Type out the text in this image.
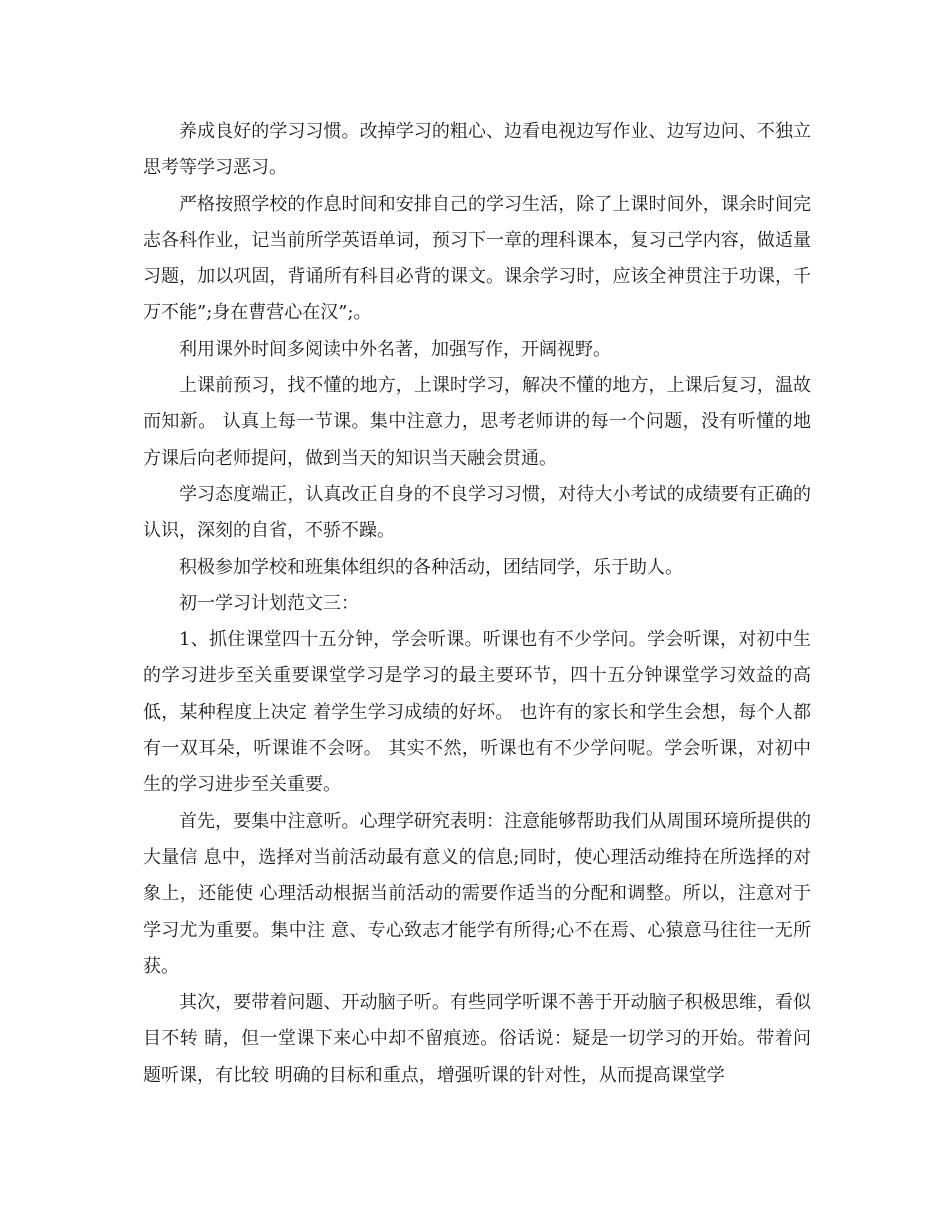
养成良好的学习习惯。改掉学习的粗心、边看电视边写作业、边写边问、不独立思考等学习恶习。

严格按照学校的作息时间和安排自己的学习生活，除了上课时间外，课余时间完志各科作业，记当前所学英语单词，预习下一章的理科课本，复习己学内容，做适量习题，加以巩固，背诵所有科目必背的课文。课余学习时，应该全神贯注于功课，千万不能”;身在曹营心在汉”;。

利用课外时间多阅读中外名著，加强写作，开阔视野。

上课前预习，找不懂的地方，上课时学习，解决不懂的地方，上课后复习，温故而知新。 认真上每一节课。集中注意力，思考老师讲的每一个问题，没有听懂的地方课后向老师提问，做到当天的知识当天融会贯通。

学习态度端正，认真改正自身的不良学习习惯，对待大小考试的成绩要有正确的认识，深刻的自省，不骄不躁。

积极参加学校和班集体组织的各种活动，团结同学，乐于助人。

初一学习计划范文三：

1、抓住课堂四十五分钟，学会听课。听课也有不少学问。学会听课，对初中生的学习进步至关重要课堂学习是学习的最主要环节，四十五分钟课堂学习效益的高低，某种程度上决定 着学生学习成绩的好坏。 也许有的家长和学生会想，每个人都有一双耳朵，听课谁不会呀。 其实不然，听课也有不少学问呢。学会听课，对初中生的学习进步至关重要。

首先，要集中注意听。心理学研究表明：注意能够帮助我们从周围环境所提供的大量信 息中，选择对当前活动最有意义的信息;同时，使心理活动维持在所选择的对象上，还能使 心理活动根据当前活动的需要作适当的分配和调整。所以，注意对于学习尤为重要。集中注 意、专心致志才能学有所得;心不在焉、心猿意马往往一无所获。

其次，要带着问题、开动脑子听。有些同学听课不善于开动脑子积极思维，看似目不转 睛，但一堂课下来心中却不留痕迹。俗话说：疑是一切学习的开始。带着问题听课，有比较 明确的目标和重点，增强听课的针对性，从而提高课堂学
